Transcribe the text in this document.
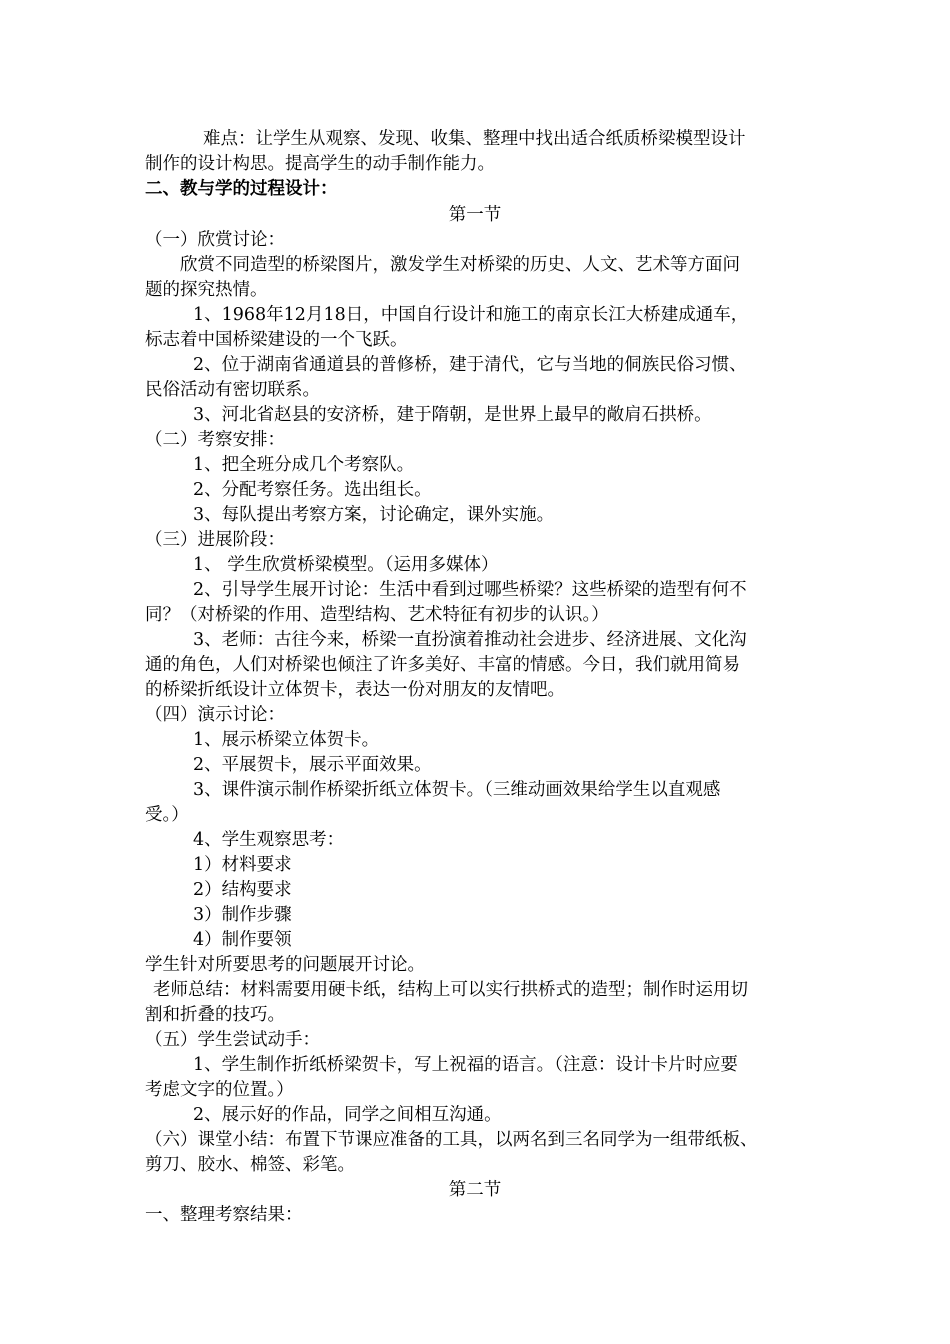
难点：让学生从观察、发现、收集、整理中找出适合纸质桥梁模型设计
制作的设计构思。提高学生的动手制作能力。
二、教与学的过程设计：
第一节
（一）欣赏讨论：
欣赏不同造型的桥梁图片，激发学生对桥梁的历史、人文、艺术等方面问
题的探究热情。
1、1968年12月18日，中国自行设计和施工的南京长江大桥建成通车，
标志着中国桥梁建设的一个飞跃。
2、位于湖南省通道县的普修桥，建于清代，它与当地的侗族民俗习惯、
民俗活动有密切联系。
3、河北省赵县的安济桥，建于隋朝，是世界上最早的敞肩石拱桥。
（二）考察安排：
1、把全班分成几个考察队。
2、分配考察任务。选出组长。
3、每队提出考察方案，讨论确定，课外实施。
（三）进展阶段：
1、 学生欣赏桥梁模型。（运用多媒体）
2、引导学生展开讨论：生活中看到过哪些桥梁？这些桥梁的造型有何不
同？（对桥梁的作用、造型结构、艺术特征有初步的认识。）
3、老师：古往今来，桥梁一直扮演着推动社会进步、经济进展、文化沟
通的角色，人们对桥梁也倾注了许多美好、丰富的情感。今日，我们就用简易
的桥梁折纸设计立体贺卡，表达一份对朋友的友情吧。
（四）演示讨论：
1、展示桥梁立体贺卡。
2、平展贺卡，展示平面效果。
3、课件演示制作桥梁折纸立体贺卡。（三维动画效果给学生以直观感
受。）
4、学生观察思考：
1）材料要求
2）结构要求
3）制作步骤
4）制作要领
学生针对所要思考的问题展开讨论。
老师总结：材料需要用硬卡纸，结构上可以实行拱桥式的造型；制作时运用切
割和折叠的技巧。
（五）学生尝试动手：
1、学生制作折纸桥梁贺卡，写上祝福的语言。（注意：设计卡片时应要
考虑文字的位置。）
2、展示好的作品，同学之间相互沟通。
（六）课堂小结：布置下节课应准备的工具，以两名到三名同学为一组带纸板、
剪刀、胶水、棉签、彩笔。
第二节
一、整理考察结果：
